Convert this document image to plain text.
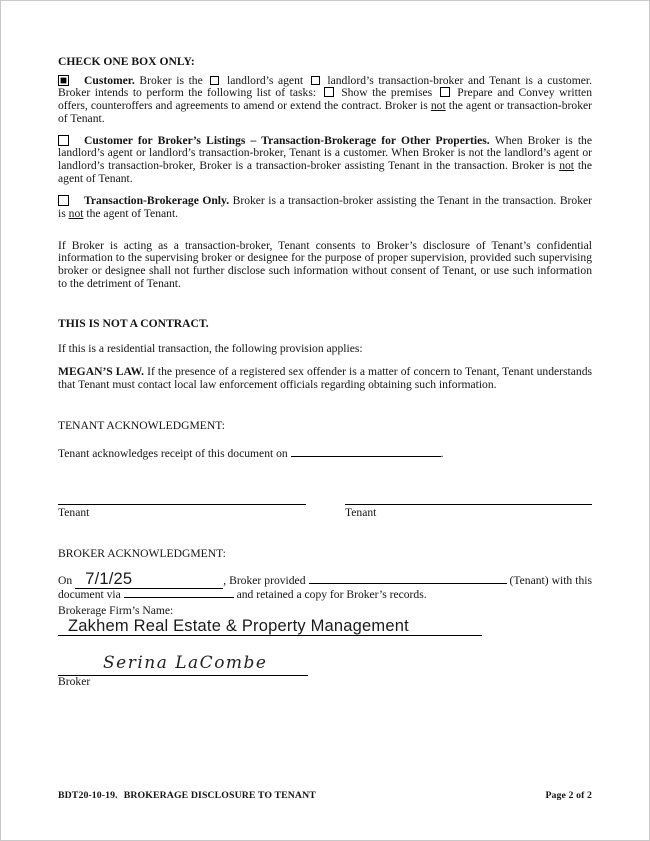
CHECK ONE BOX ONLY:

Customer. Broker is the  landlord’s agent  landlord’s transaction-broker and Tenant is a customer. Broker intends to perform the following list of tasks:  Show the premises  Prepare and Convey written offers, counteroffers and agreements to amend or extend the contract. Broker is not the agent or transaction-broker of Tenant.

Customer for Broker’s Listings – Transaction-Brokerage for Other Properties. When Broker is the landlord’s agent or landlord’s transaction-broker, Tenant is a customer. When Broker is not the landlord’s agent or landlord’s transaction-broker, Broker is a transaction-broker assisting Tenant in the transaction. Broker is not the agent of Tenant.

Transaction-Brokerage Only. Broker is a transaction-broker assisting the Tenant in the transaction. Broker is not the agent of Tenant.

If Broker is acting as a transaction-broker, Tenant consents to Broker’s disclosure of Tenant’s confidential information to the supervising broker or designee for the purpose of proper supervision, provided such supervising broker or designee shall not further disclose such information without consent of Tenant, or use such information to the detriment of Tenant.

THIS IS NOT A CONTRACT.

If this is a residential transaction, the following provision applies:

MEGAN’S LAW. If the presence of a registered sex offender is a matter of concern to Tenant, Tenant understands that Tenant must contact local law enforcement officials regarding obtaining such information.

TENANT ACKNOWLEDGMENT:

Tenant acknowledges receipt of this document on	.

Tenant	Tenant

BROKER ACKNOWLEDGMENT:

On 7/1/25	, Broker provided	(Tenant) with this document via	and retained a copy for Broker’s records.

Brokerage Firm’s Name: Zakhem Real Estate & Property Management

Serina LaCombe
Broker
BDT20-10-19. BROKERAGE DISCLOSURE TO TENANT	Page 2 of 2
